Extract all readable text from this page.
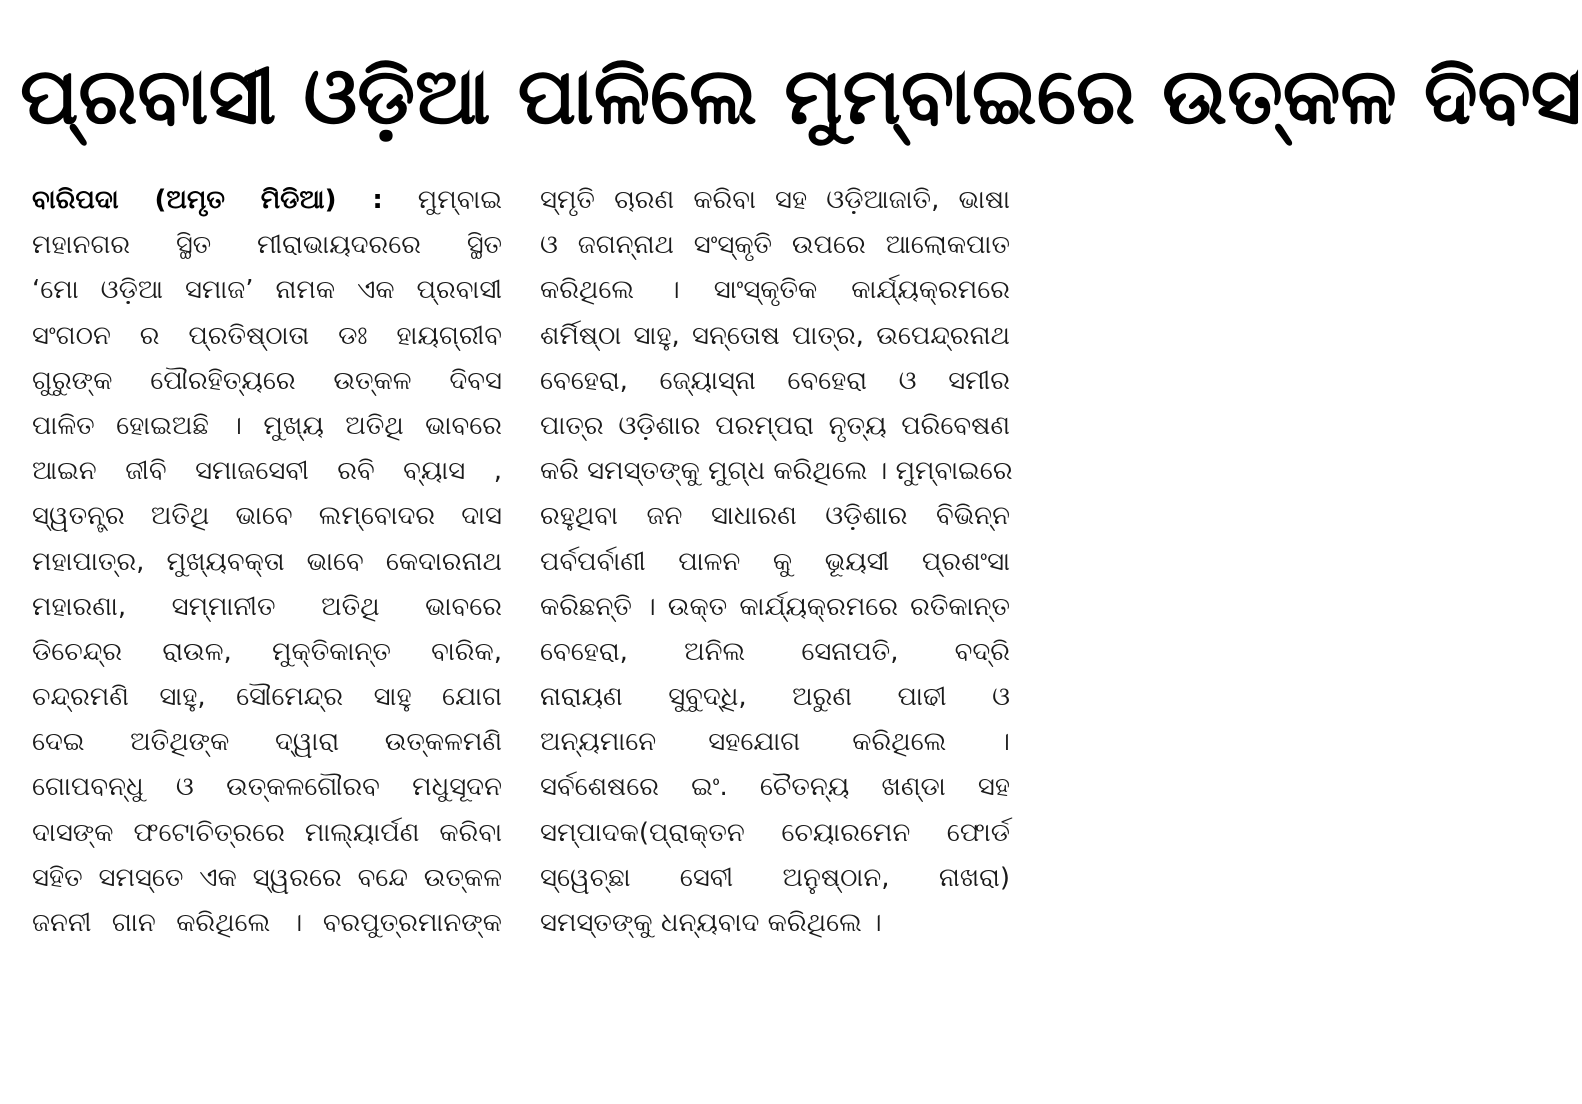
ପ୍ରବାସୀ ଓଡ଼ିଆ ପାଳିଲେ ମୁମ୍ବାଇରେ ଉତ୍କଳ ଦିବସ
ବାରିପଦା (ଅମୃତ ମିଡିଆ) : ମୁମ୍ବାଇ
ମହାନଗର ସ୍ଥିତ ମୀରାଭାୟଦରରେ ସ୍ଥିତ
‘ମୋ ଓଡ଼ିଆ ସମାଜ’ ନାମକ ଏକ ପ୍ରବାସୀ
ସଂଗଠନ ର ପ୍ରତିଷ୍ଠାତା ଡଃ ହାୟଗ୍ରୀବ
ଗୁରୁଙ୍କ ପୌରହିତ୍ୟରେ ଉତ୍କଳ ଦିବସ
ପାଳିତ ହୋଇଅଛି । ମୁଖ୍ୟ ଅତିଥି ଭାବରେ
ଆଇନ ଜୀବି ସମାଜସେବୀ ରବି ବ୍ୟାସ ,
ସ୍ୱତନ୍ତ୍ର ଅତିଥି ଭାବେ ଲମ୍ବୋଦର ଦାସ
ମହାପାତ୍ର, ମୁଖ୍ୟବକ୍ତା ଭାବେ କେଦାରନାଥ
ମହାରଣା, ସମ୍ମାନୀତ ଅତିଥି ଭାବରେ
ଡିଚେନ୍ଦ୍ର ରାଉଳ, ମୁକ୍ତିକାନ୍ତ ବାରିକ,
ଚନ୍ଦ୍ରମଣି ସାହୁ, ସୌମେନ୍ଦ୍ର ସାହୁ ଯୋଗ
ଦେଇ ଅତିଥିଙ୍କ ଦ୍ୱାରା ଉତ୍କଳମଣି
ଗୋପବନ୍ଧୁ ଓ ଉତ୍କଳଗୌରବ ମଧୁସୂଦନ
ଦାସଙ୍କ ଫଟୋଚିତ୍ରରେ ମାଲ୍ୟାର୍ପଣ କରିବା
ସହିତ ସମସ୍ତେ ଏକ ସ୍ୱରରେ ବନ୍ଦେ ଉତ୍କଳ
ଜନନୀ ଗାନ କରିଥିଲେ । ବରପୁତ୍ରମାନଙ୍କ
ସ୍ମୃତି ଚାରଣ କରିବା ସହ ଓଡ଼ିଆଜାତି, ଭାଷା
ଓ ଜଗନ୍ନାଥ ସଂସ୍କୃତି ଉପରେ ଆଲୋକପାତ
କରିଥିଲେ । ସାଂସ୍କୃତିକ କାର୍ଯ୍ୟକ୍ରମରେ
ଶର୍ମିଷ୍ଠା ସାହୁ, ସନ୍ତୋଷ ପାତ୍ର, ଉପେନ୍ଦ୍ରନାଥ
ବେହେରା, ଜ୍ୟୋସ୍ନା ବେହେରା ଓ ସମୀର
ପାତ୍ର ଓଡ଼ିଶାର ପରମ୍ପରା ନୃତ୍ୟ ପରିବେଷଣ
କରି ସମସ୍ତଙ୍କୁ ମୁଗ୍ଧ କରିଥିଲେ । ମୁମ୍ବାଇରେ
ରହୁଥିବା ଜନ ସାଧାରଣ ଓଡ଼ିଶାର ବିଭିନ୍ନ
ପର୍ବପର୍ବାଣୀ ପାଳନ କୁ ଭୂୟସୀ ପ୍ରଶଂସା
କରିଛନ୍ତି । ଉକ୍ତ କାର୍ଯ୍ୟକ୍ରମରେ ରତିକାନ୍ତ
ବେହେରା, ଅନିଲ ସେନାପତି, ବଦ୍ରି
ନାରାୟଣ ସୁବୁଦ୍ଧି, ଅରୁଣ ପାଢୀ ଓ
ଅନ୍ୟମାନେ ସହଯୋଗ କରିଥିଲେ ।
ସର୍ବଶେଷରେ ଇଂ. ଚୈତନ୍ୟ ଖଣ୍ଡା ସହ
ସମ୍ପାଦକ(ପ୍ରାକ୍ତନ ଚେୟାରମେନ ଫୋର୍ଡ
ସ୍ୱେଚ୍ଛା ସେବୀ ଅନୁଷ୍ଠାନ, ନାଖରା)
ସମସ୍ତଙ୍କୁ ଧନ୍ୟବାଦ କରିଥିଲେ ।
